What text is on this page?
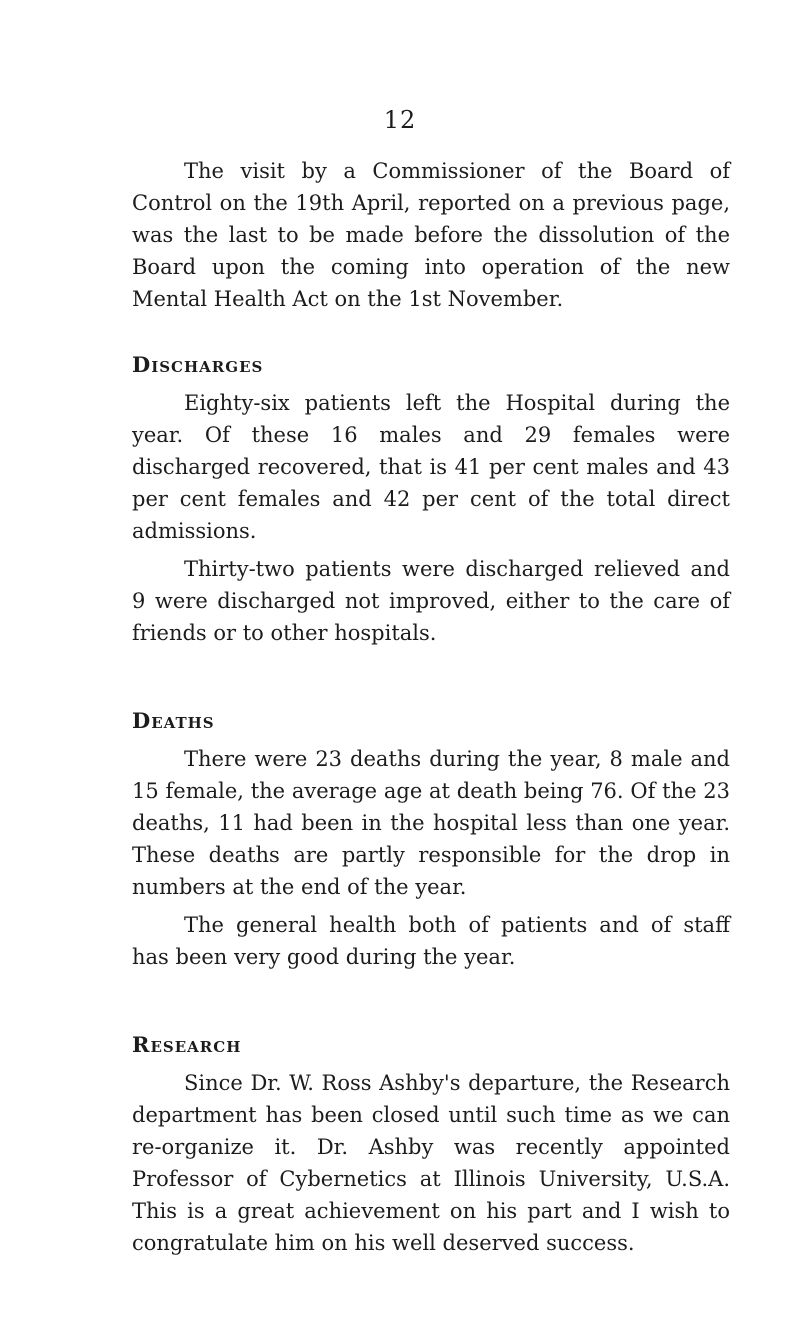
12

The visit by a Commissioner of the Board of Control on the 19th April, reported on a previous page, was the last to be made before the dissolution of the Board upon the coming into operation of the new Mental Health Act on the 1st November.

Discharges

Eighty-six patients left the Hospital during the year. Of these 16 males and 29 females were discharged recovered, that is 41 per cent males and 43 per cent females and 42 per cent of the total direct admissions.

Thirty-two patients were discharged relieved and 9 were discharged not improved, either to the care of friends or to other hospitals.

Deaths

There were 23 deaths during the year, 8 male and 15 female, the average age at death being 76. Of the 23 deaths, 11 had been in the hospital less than one year. These deaths are partly responsible for the drop in numbers at the end of the year.

The general health both of patients and of staff has been very good during the year.

Research

Since Dr. W. Ross Ashby's departure, the Research department has been closed until such time as we can re-organize it. Dr. Ashby was recently appointed Professor of Cybernetics at Illinois University, U.S.A. This is a great achievement on his part and I wish to congratulate him on his well deserved success.
